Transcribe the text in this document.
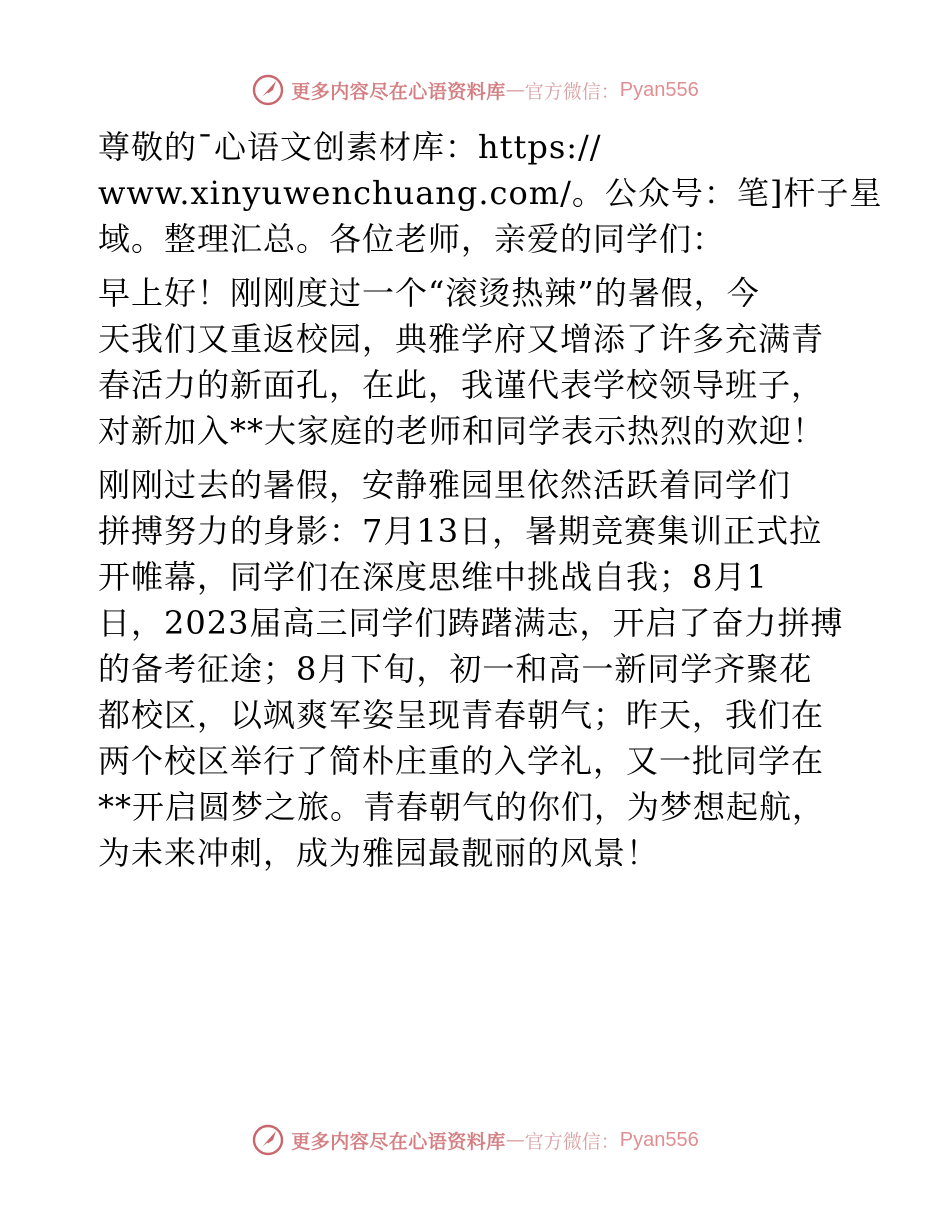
更多内容尽在心语资料库 — 官方微信： Pyan556
尊敬的¯心语文创素材库：https://
www.xinyuwenchuang.com/。公众号：笔]杆子星
域。整理汇总。各位老师，亲爱的同学们：
早上好！刚刚度过一个“滚烫热辣”的暑假，今
天我们又重返校园，典雅学府又增添了许多充满青
春活力的新面孔，在此，我谨代表学校领导班子，
对新加入**大家庭的老师和同学表示热烈的欢迎！
刚刚过去的暑假，安静雅园里依然活跃着同学们
拼搏努力的身影：7月13日，暑期竞赛集训正式拉
开帷幕，同学们在深度思维中挑战自我；8月1
日，2023届高三同学们踌躇满志，开启了奋力拼搏
的备考征途；8月下旬，初一和高一新同学齐聚花
都校区，以飒爽军姿呈现青春朝气；昨天，我们在
两个校区举行了简朴庄重的入学礼，又一批同学在
**开启圆梦之旅。青春朝气的你们，为梦想起航，
为未来冲刺，成为雅园最靓丽的风景！
更多内容尽在心语资料库 — 官方微信： Pyan556
